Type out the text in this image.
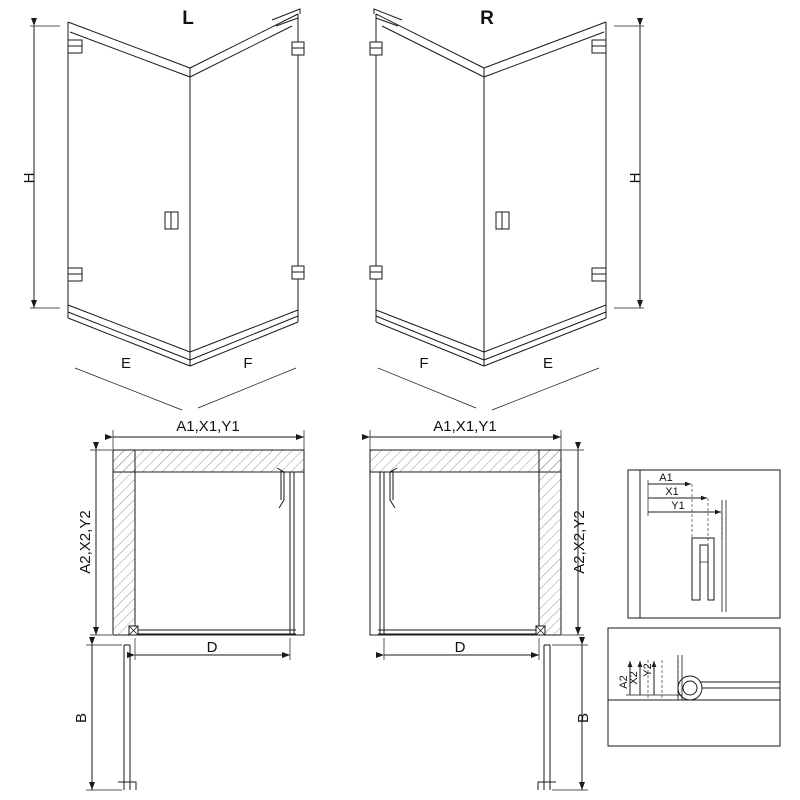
H
E	F
L
H
E
F
R
A1,X1,Y1
A2,X2,Y2
D
B
A1,X1,Y1
A2,X2,Y2
D
B
A1
X1
Y1
A2
X2
Y2
